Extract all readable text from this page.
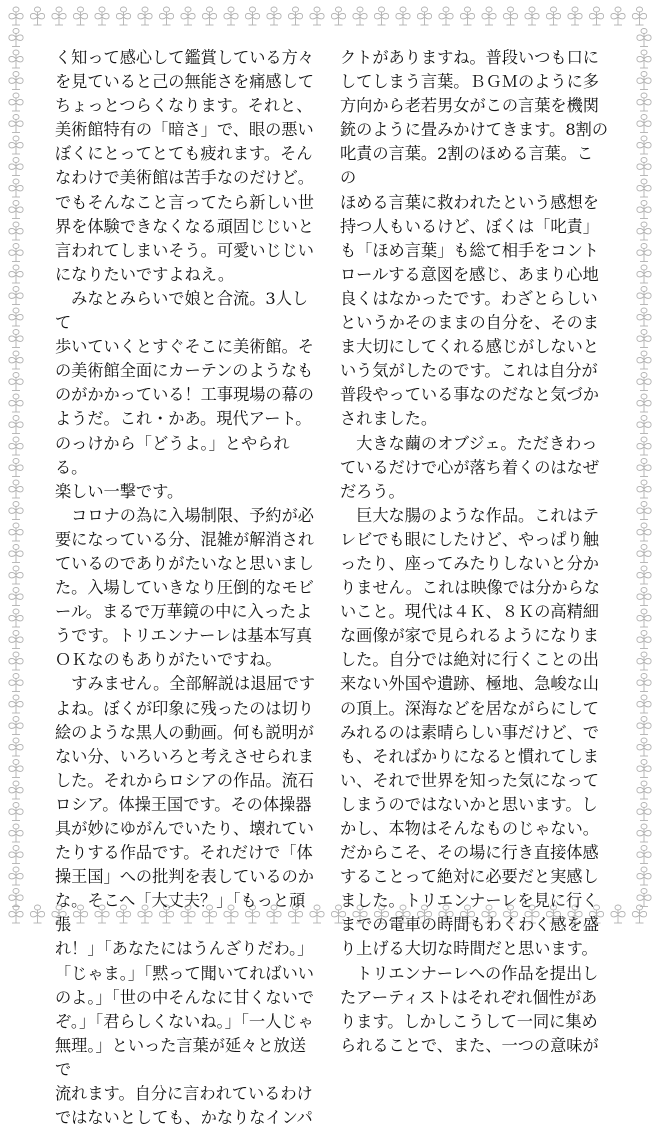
く知って感心して鑑賞している方々
を見ていると己の無能さを痛感して
ちょっとつらくなります。それと、
美術館特有の「暗さ」で、眼の悪い
ぼくにとってとても疲れます。そん
なわけで美術館は苦手なのだけど。
でもそんなこと言ってたら新しい世
界を体験できなくなる頑固じじいと
言われてしまいそう。可愛いじじい
になりたいですよねえ。

　みなとみらいで娘と合流。3人して
歩いていくとすぐそこに美術館。そ
の美術館全面にカーテンのようなも
のがかかっている！工事現場の幕の
ようだ。これ・かあ。現代アート。
のっけから「どうよ。」とやられる。
楽しい一撃です。

　コロナの為に入場制限、予約が必
要になっている分、混雑が解消され
ているのでありがたいなと思いまし
た。入場していきなり圧倒的なモビ
ール。まるで万華鏡の中に入ったよ
うです。トリエンナーレは基本写真
ＯＫなのもありがたいですね。

　すみません。全部解説は退屈です
よね。ぼくが印象に残ったのは切り
絵のような黒人の動画。何も説明が
ない分、いろいろと考えさせられま
した。それからロシアの作品。流石
ロシア。体操王国です。その体操器
具が妙にゆがんでいたり、壊れてい
たりする作品です。それだけで「体
操王国」への批判を表しているのか
な。そこへ「大丈夫？」「もっと頑張
れ！」「あなたにはうんざりだわ。」
「じゃま。」「黙って聞いてればいい
のよ。」「世の中そんなに甘くないで
ぞ。」「君らしくないね。」「一人じゃ
無理。」といった言葉が延々と放送で
流れます。自分に言われているわけ
ではないとしても、かなりなインパ

クトがありますね。普段いつも口に
してしまう言葉。ＢＧＭのように多
方向から老若男女がこの言葉を機関
銃のように畳みかけてきます。8割の
叱責の言葉。2割のほめる言葉。この
ほめる言葉に救われたという感想を
持つ人もいるけど、ぼくは「叱責」
も「ほめ言葉」も総て相手をコント
ロールする意図を感じ、あまり心地
良くはなかったです。わざとらしい
というかそのままの自分を、そのま
ま大切にしてくれる感じがしないと
いう気がしたのです。これは自分が
普段やっている事なのだなと気づか
されました。

　大きな繭のオブジェ。ただきわっ
ているだけで心が落ち着くのはなぜ
だろう。

　巨大な腸のような作品。これはテ
レビでも眼にしたけど、やっぱり触
ったり、座ってみたりしないと分か
りません。これは映像では分からな
いこと。現代は４Ｋ、８Ｋの高精細
な画像が家で見られるようになりま
した。自分では絶対に行くことの出
来ない外国や遺跡、極地、急峻な山
の頂上。深海などを居ながらにして
みれるのは素晴らしい事だけど、で
も、そればかりになると慣れてしま
い、それで世界を知った気になって
しまうのではないかと思います。し
かし、本物はそんなものじゃない。
だからこそ、その場に行き直接体感
することって絶対に必要だと実感し
ました。トリエンナーレを見に行く
までの電車の時間もわくわく感を盛
り上げる大切な時間だと思います。

　トリエンナーレへの作品を提出し
たアーティストはそれぞれ個性があ
ります。しかしこうして一同に集め
られることで、また、一つの意味が
